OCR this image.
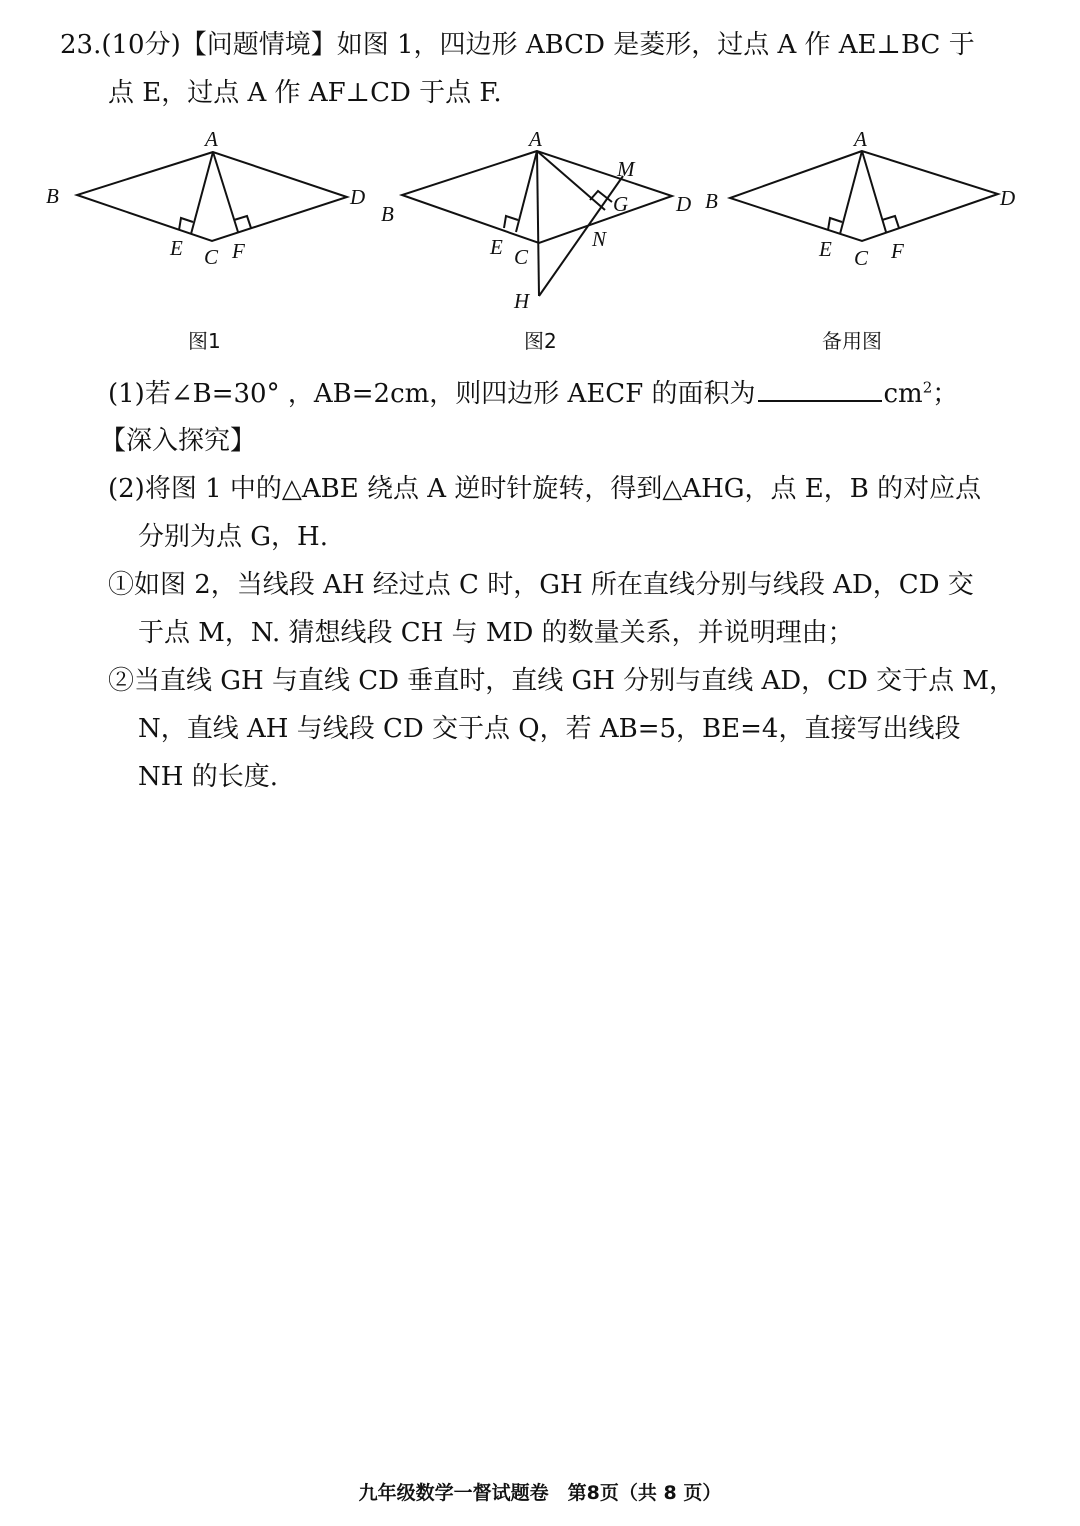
23.(10分)【问题情境】如图 1，四边形 ABCD 是菱形，过点 A 作 AE⊥BC 于
点 E，过点 A 作 AF⊥CD 于点 F.
A
B	D
E C F
图1
A
B
M
G D
E C
N
H
图2
A
B	D
E C F
备用图
(1)若∠B=30° ，AB=2cm，则四边形 AECF 的面积为	$cm^2$；
【深入探究】
(2)将图 1 中的△ABE 绕点 A 逆时针旋转，得到△AHG，点 E，B 的对应点
分别为点 G，H.
①如图 2，当线段 AH 经过点 C 时，GH 所在直线分别与线段 AD，CD 交
于点 M，N. 猜想线段 CH 与 MD 的数量关系，并说明理由；
②当直线 GH 与直线 CD 垂直时，直线 GH 分别与直线 AD，CD 交于点 M，
N，直线 AH 与线段 CD 交于点 Q，若 AB=5，BE=4，直接写出线段
NH 的长度.
九年级数学一督试题卷　第8页（共 8 页）
